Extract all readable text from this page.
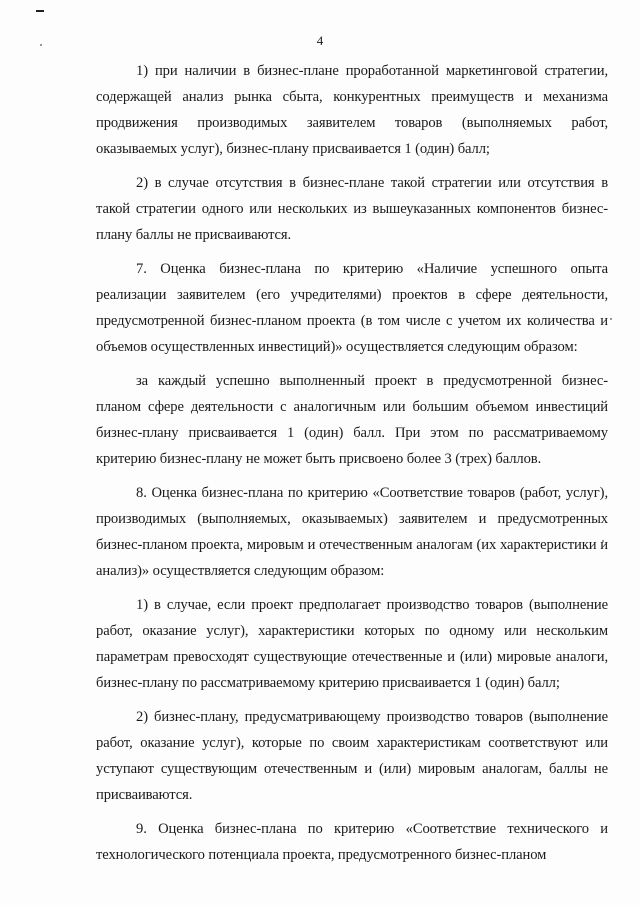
4

1) при наличии в бизнес-плане проработанной маркетинговой стратегии, содержащей анализ рынка сбыта, конкурентных преимуществ и механизма продвижения производимых заявителем товаров (выполняемых работ, оказываемых услуг), бизнес-плану присваивается 1 (один) балл;

2) в случае отсутствия в бизнес-плане такой стратегии или отсутствия в такой стратегии одного или нескольких из вышеуказанных компонентов бизнес-плану баллы не присваиваются.

7. Оценка бизнес-плана по критерию «Наличие успешного опыта реализации заявителем (его учредителями) проектов в сфере деятельности, предусмотренной бизнес-планом проекта (в том числе с учетом их количества и объемов осуществленных инвестиций)» осуществляется следующим образом:

за каждый успешно выполненный проект в предусмотренной бизнес-планом сфере деятельности с аналогичным или большим объемом инвестиций бизнес-плану присваивается 1 (один) балл. При этом по рассматриваемому критерию бизнес-плану не может быть присвоено более 3 (трех) баллов.

8. Оценка бизнес-плана по критерию «Соответствие товаров (работ, услуг), производимых (выполняемых, оказываемых) заявителем и предусмотренных бизнес-планом проекта, мировым и отечественным аналогам (их характеристики и анализ)» осуществляется следующим образом:

1) в случае, если проект предполагает производство товаров (выполнение работ, оказание услуг), характеристики которых по одному или нескольким параметрам превосходят существующие отечественные и (или) мировые аналоги, бизнес-плану по рассматриваемому критерию присваивается 1 (один) балл;

2) бизнес-плану, предусматривающему производство товаров (выполнение работ, оказание услуг), которые по своим характеристикам соответствуют или уступают существующим отечественным и (или) мировым аналогам, баллы не присваиваются.

9. Оценка бизнес-плана по критерию «Соответствие технического и технологического потенциала проекта, предусмотренного бизнес-планом
